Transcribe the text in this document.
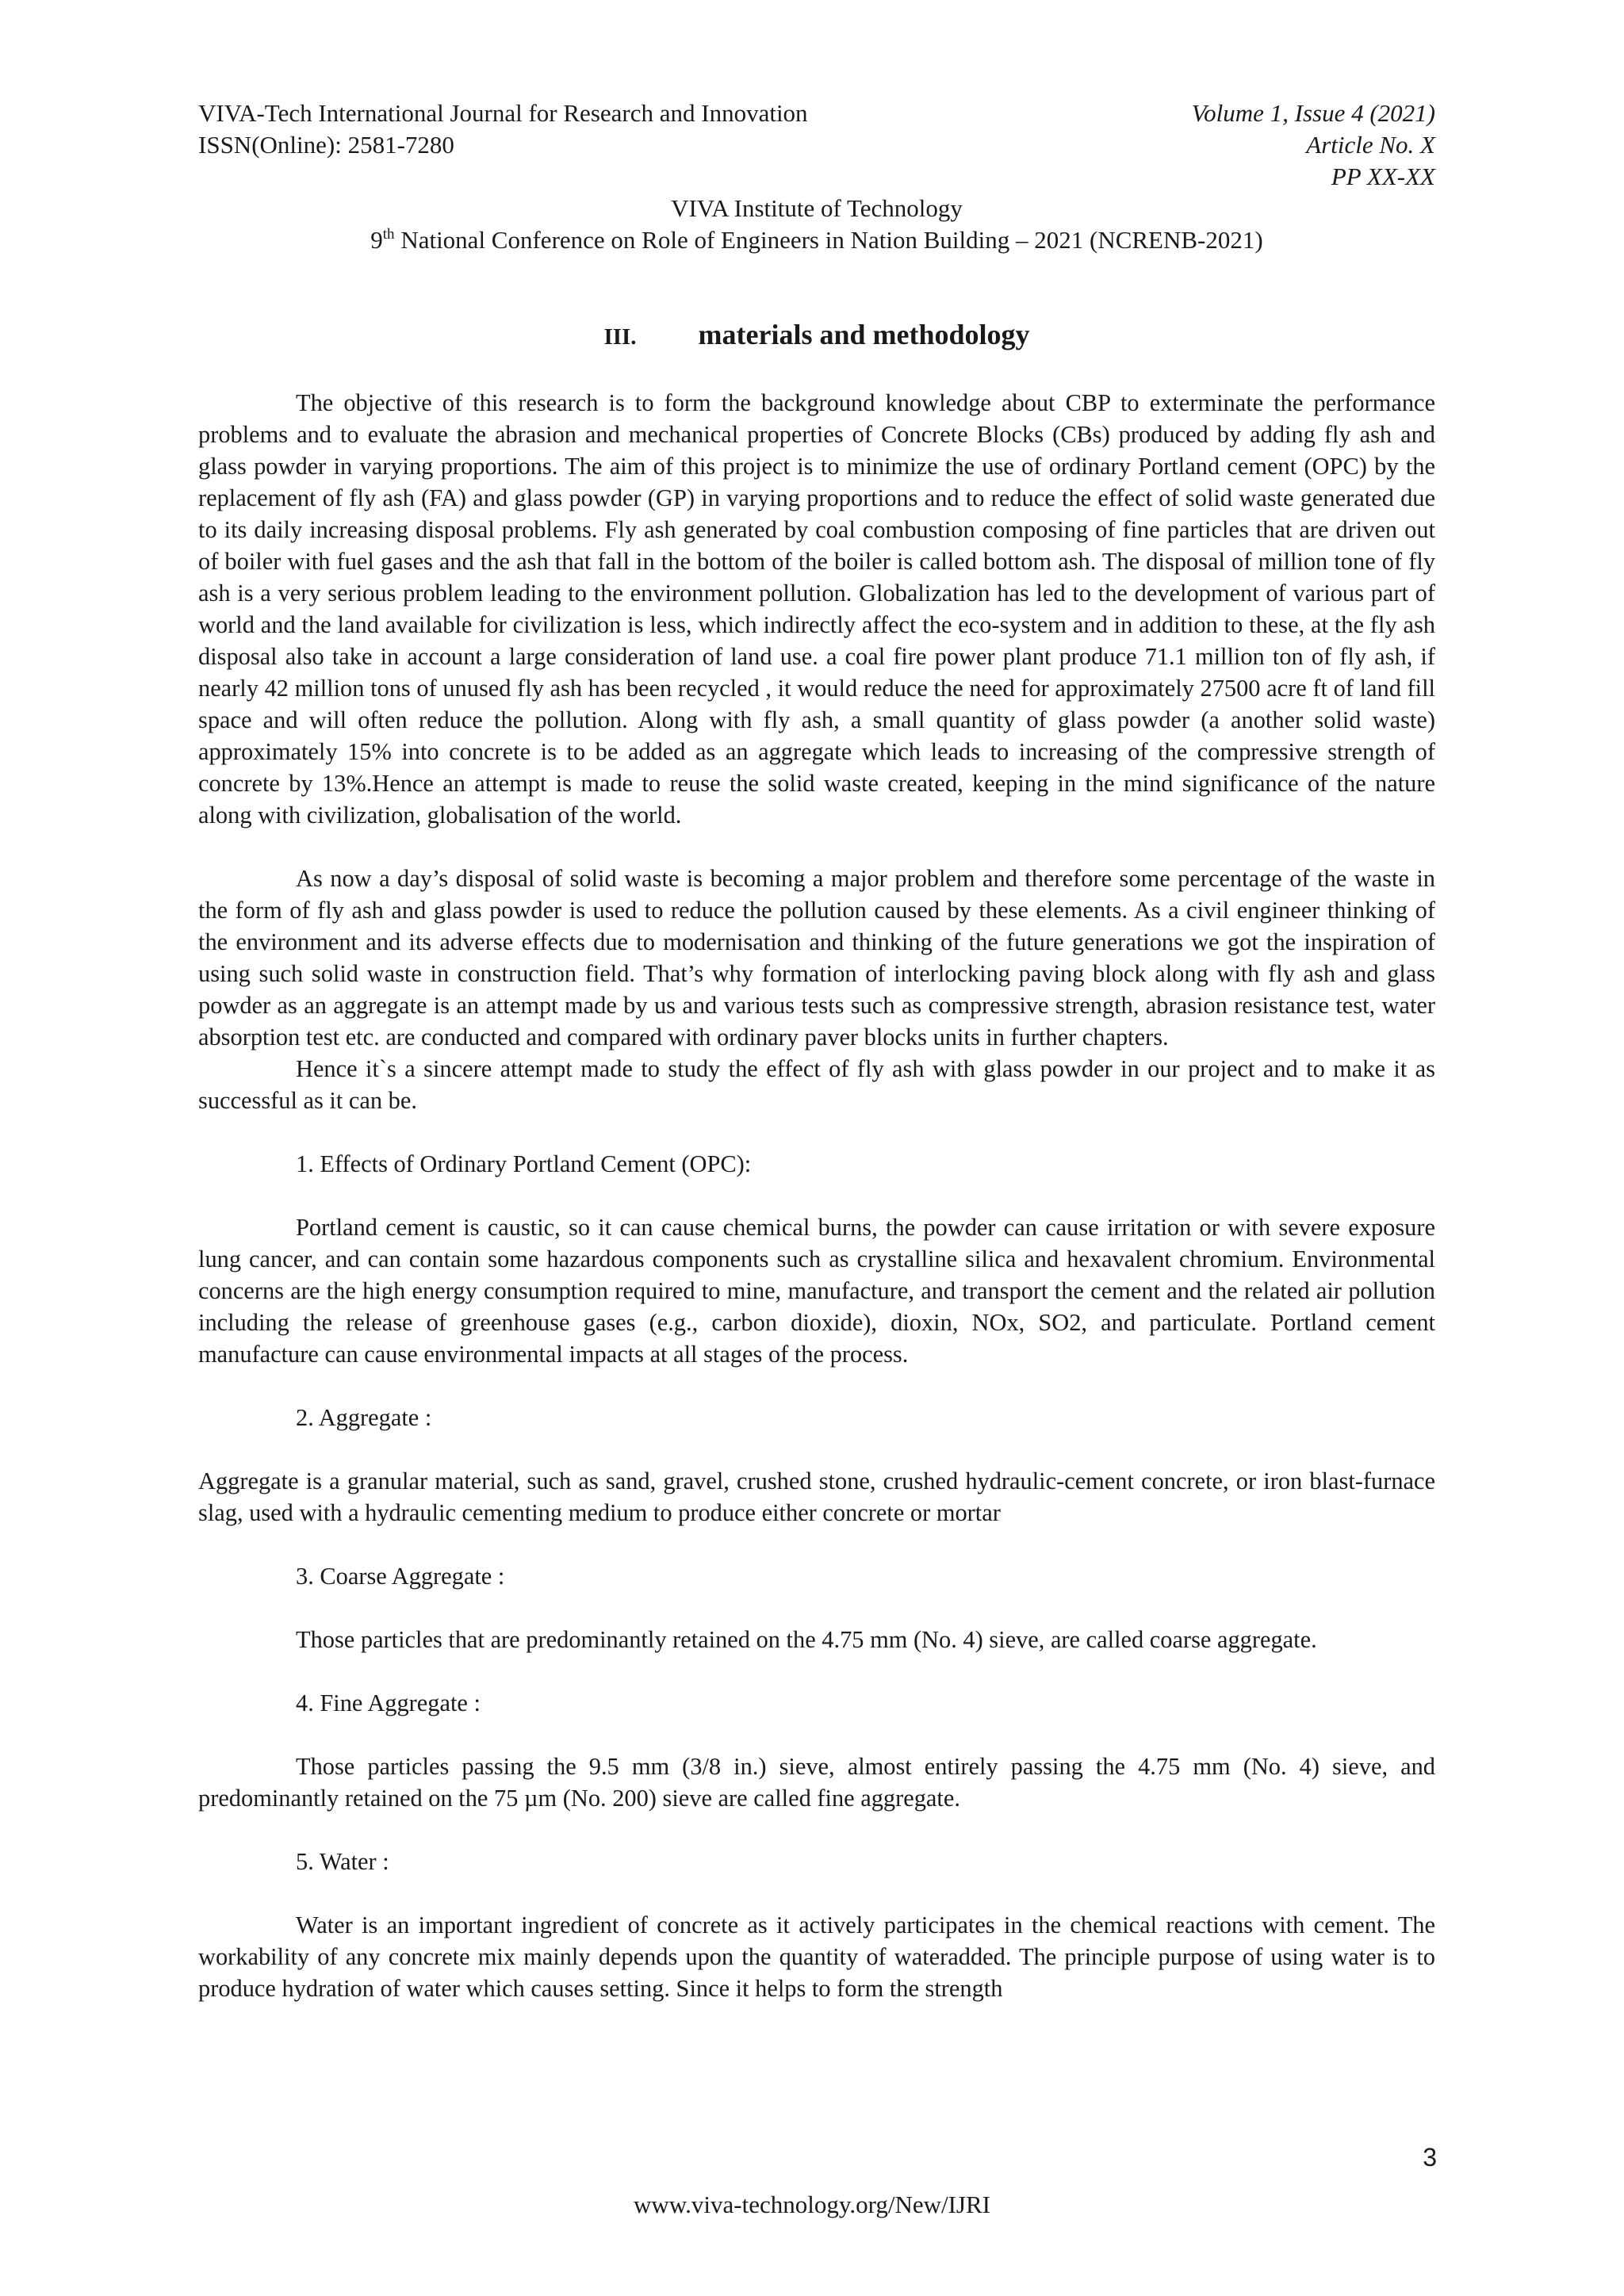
VIVA-Tech International Journal for Research and Innovation	Volume 1, Issue 4 (2021)
ISSN(Online): 2581-7280	Article No. X
PP XX-XX
VIVA Institute of Technology
9th National Conference on Role of Engineers in Nation Building – 2021 (NCRENB-2021)
III. materials and methodology

The objective of this research is to form the background knowledge about CBP to exterminate the performance problems and to evaluate the abrasion and mechanical properties of Concrete Blocks (CBs) produced by adding fly ash and glass powder in varying proportions. The aim of this project is to minimize the use of ordinary Portland cement (OPC) by the replacement of fly ash (FA) and glass powder (GP) in varying proportions and to reduce the effect of solid waste generated due to its daily increasing disposal problems. Fly ash generated by coal combustion composing of fine particles that are driven out of boiler with fuel gases and the ash that fall in the bottom of the boiler is called bottom ash. The disposal of million tone of fly ash is a very serious problem leading to the environment pollution. Globalization has led to the development of various part of world and the land available for civilization is less, which indirectly affect the eco-system and in addition to these, at the fly ash disposal also take in account a large consideration of land use. a coal fire power plant produce 71.1 million ton of fly ash, if nearly 42 million tons of unused fly ash has been recycled , it would reduce the need for approximately 27500 acre ft of land fill space and will often reduce the pollution. Along with fly ash, a small quantity of glass powder (a another solid waste) approximately 15% into concrete is to be added as an aggregate which leads to increasing of the compressive strength of concrete by 13%.Hence an attempt is made to reuse the solid waste created, keeping in the mind significance of the nature along with civilization, globalisation of the world.

As now a day’s disposal of solid waste is becoming a major problem and therefore some percentage of the waste in the form of fly ash and glass powder is used to reduce the pollution caused by these elements. As a civil engineer thinking of the environment and its adverse effects due to modernisation and thinking of the future generations we got the inspiration of using such solid waste in construction field. That’s why formation of interlocking paving block along with fly ash and glass powder as an aggregate is an attempt made by us and various tests such as compressive strength, abrasion resistance test, water absorption test etc. are conducted and compared with ordinary paver blocks units in further chapters.

Hence it`s a sincere attempt made to study the effect of fly ash with glass powder in our project and to make it as successful as it can be.

1. Effects of Ordinary Portland Cement (OPC):

Portland cement is caustic, so it can cause chemical burns, the powder can cause irritation or with severe exposure lung cancer, and can contain some hazardous components such as crystalline silica and hexavalent chromium. Environmental concerns are the high energy consumption required to mine, manufacture, and transport the cement and the related air pollution including the release of greenhouse gases (e.g., carbon dioxide), dioxin, NOx, SO2, and particulate. Portland cement manufacture can cause environmental impacts at all stages of the process.

2. Aggregate :

Aggregate is a granular material, such as sand, gravel, crushed stone, crushed hydraulic-cement concrete, or iron blast-furnace slag, used with a hydraulic cementing medium to produce either concrete or mortar

3. Coarse Aggregate :

Those particles that are predominantly retained on the 4.75 mm (No. 4) sieve, are called coarse aggregate.

4. Fine Aggregate :

Those particles passing the 9.5 mm (3/8 in.) sieve, almost entirely passing the 4.75 mm (No. 4) sieve, and predominantly retained on the 75 µm (No. 200) sieve are called fine aggregate.

5. Water :

Water is an important ingredient of concrete as it actively participates in the chemical reactions with cement. The workability of any concrete mix mainly depends upon the quantity of wateradded. The principle purpose of using water is to produce hydration of water which causes setting. Since it helps to form the strength

3
www.viva-technology.org/New/IJRI
